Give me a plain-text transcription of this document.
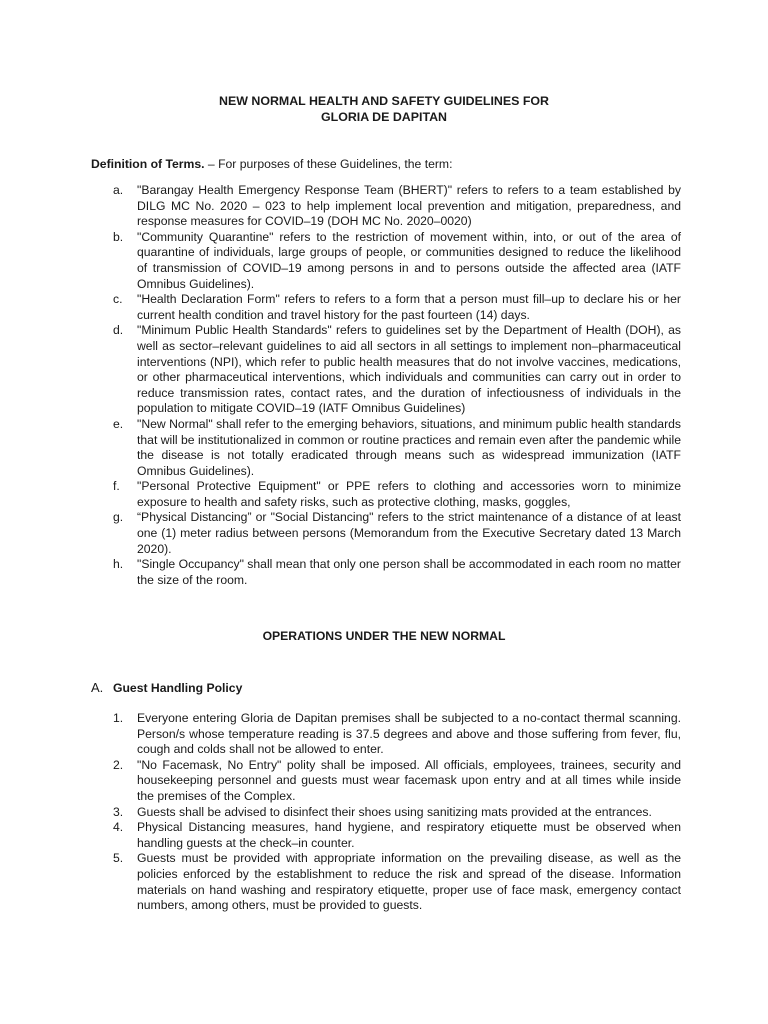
NEW NORMAL HEALTH AND SAFETY GUIDELINES FOR
GLORIA DE DAPITAN
Definition of Terms. – For purposes of these Guidelines, the term:
a. "Barangay Health Emergency Response Team (BHERT)" refers to refers to a team established by DILG MC No. 2020 – 023 to help implement local prevention and mitigation, preparedness, and response measures for COVID–19 (DOH MC No. 2020–0020)
b. "Community Quarantine" refers to the restriction of movement within, into, or out of the area of quarantine of individuals, large groups of people, or communities designed to reduce the likelihood of transmission of COVID–19 among persons in and to persons outside the affected area (IATF Omnibus Guidelines).
c. "Health Declaration Form" refers to refers to a form that a person must fill–up to declare his or her current health condition and travel history for the past fourteen (14) days.
d. "Minimum Public Health Standards" refers to guidelines set by the Department of Health (DOH), as well as sector–relevant guidelines to aid all sectors in all settings to implement non–pharmaceutical interventions (NPI), which refer to public health measures that do not involve vaccines, medications, or other pharmaceutical interventions, which individuals and communities can carry out in order to reduce transmission rates, contact rates, and the duration of infectiousness of individuals in the population to mitigate COVID–19 (IATF Omnibus Guidelines)
e. "New Normal" shall refer to the emerging behaviors, situations, and minimum public health standards that will be institutionalized in common or routine practices and remain even after the pandemic while the disease is not totally eradicated through means such as widespread immunization (IATF Omnibus Guidelines).
f. "Personal Protective Equipment" or PPE refers to clothing and accessories worn to minimize exposure to health and safety risks, such as protective clothing, masks, goggles,
g. “Physical Distancing” or "Social Distancing" refers to the strict maintenance of a distance of at least one (1) meter radius between persons (Memorandum from the Executive Secretary dated 13 March 2020).
h. "Single Occupancy" shall mean that only one person shall be accommodated in each room no matter the size of the room.
OPERATIONS UNDER THE NEW NORMAL
A. Guest Handling Policy
1. Everyone entering Gloria de Dapitan premises shall be subjected to a no-contact thermal scanning. Person/s whose temperature reading is 37.5 degrees and above and those suffering from fever, flu, cough and colds shall not be allowed to enter.
2. "No Facemask, No Entry" polity shall be imposed. All officials, employees, trainees, security and housekeeping personnel and guests must wear facemask upon entry and at all times while inside the premises of the Complex.
3. Guests shall be advised to disinfect their shoes using sanitizing mats provided at the entrances.
4. Physical Distancing measures, hand hygiene, and respiratory etiquette must be observed when handling guests at the check–in counter.
5. Guests must be provided with appropriate information on the prevailing disease, as well as the policies enforced by the establishment to reduce the risk and spread of the disease. Information materials on hand washing and respiratory etiquette, proper use of face mask, emergency contact numbers, among others, must be provided to guests.
